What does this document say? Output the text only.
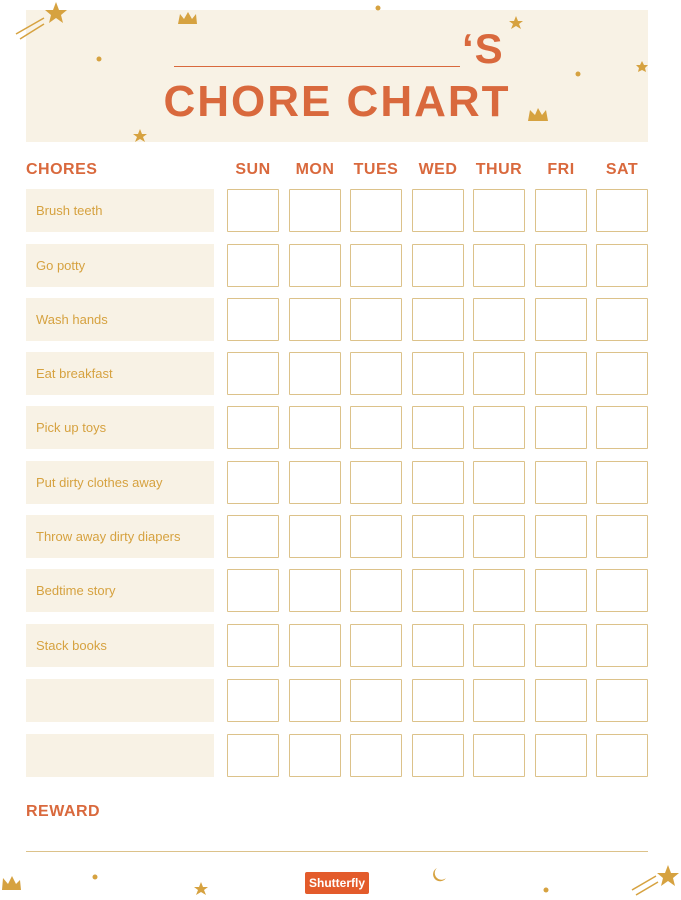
‘S
CHORE CHART
CHORES	SUN	MON	TUES	WED	THUR	FRI	SAT
Brush teeth
Go potty
Wash hands
Eat breakfast
Pick up toys
Put dirty clothes away
Throw away dirty diapers
Bedtime story
Stack books
REWARD
Shutterfly
